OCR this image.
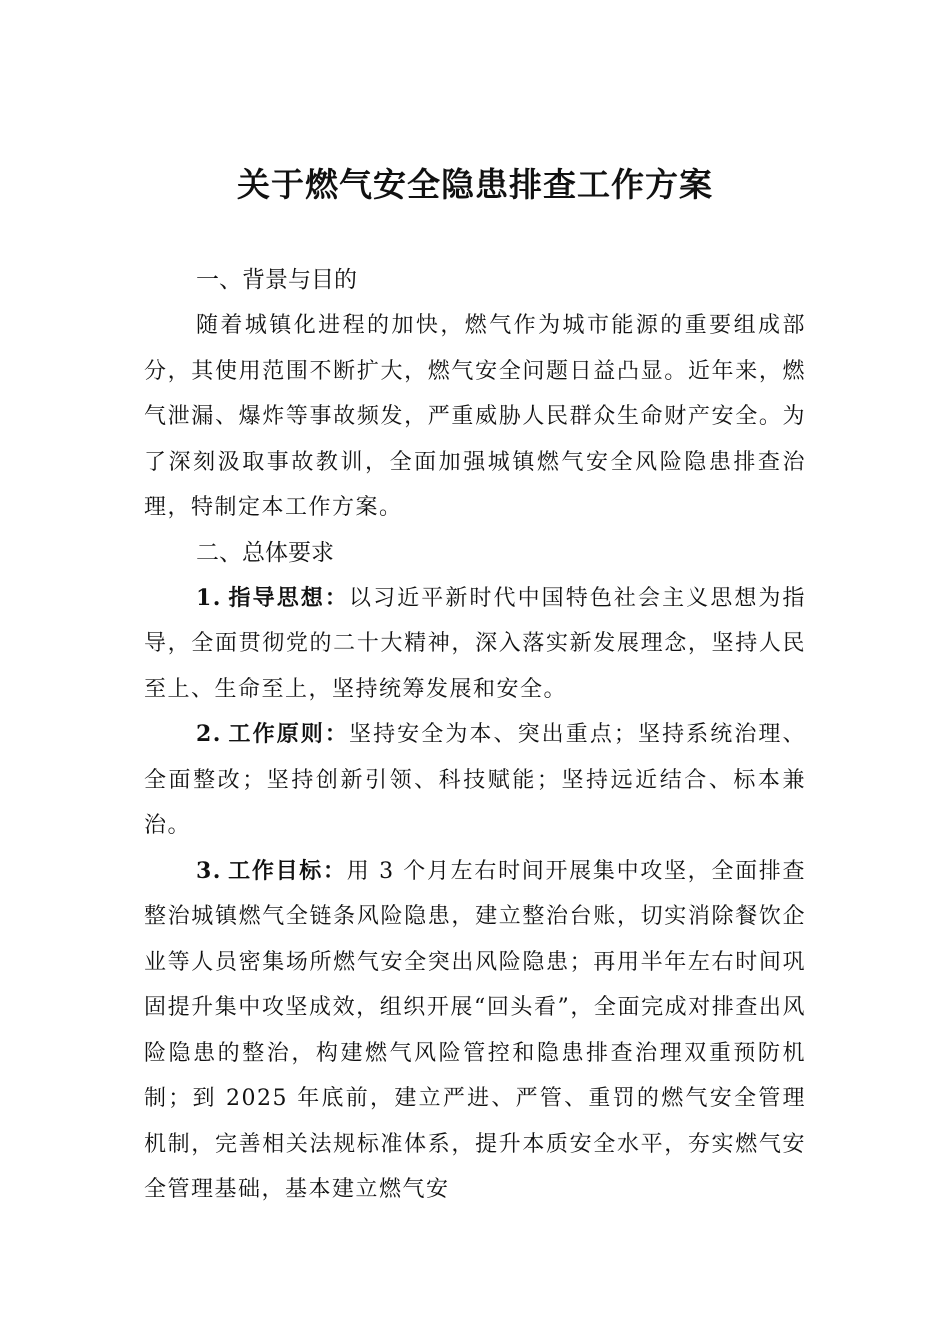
关于燃气安全隐患排查工作方案
一、背景与目的

随着城镇化进程的加快，燃气作为城市能源的重要组成部分，其使用范围不断扩大，燃气安全问题日益凸显。近年来，燃气泄漏、爆炸等事故频发，严重威胁人民群众生命财产安全。为了深刻汲取事故教训，全面加强城镇燃气安全风险隐患排查治理，特制定本工作方案。

二、总体要求

1. 指导思想：以习近平新时代中国特色社会主义思想为指导，全面贯彻党的二十大精神，深入落实新发展理念，坚持人民至上、生命至上，坚持统筹发展和安全。

2. 工作原则：坚持安全为本、突出重点；坚持系统治理、全面整改；坚持创新引领、科技赋能；坚持远近结合、标本兼治。

3. 工作目标：用 3 个月左右时间开展集中攻坚，全面排查整治城镇燃气全链条风险隐患，建立整治台账，切实消除餐饮企业等人员密集场所燃气安全突出风险隐患；再用半年左右时间巩固提升集中攻坚成效，组织开展“回头看”，全面完成对排查出风险隐患的整治，构建燃气风险管控和隐患排查治理双重预防机制；到 2025 年底前，建立严进、严管、重罚的燃气安全管理机制，完善相关法规标准体系，提升本质安全水平，夯实燃气安全管理基础，基本建立燃气安
